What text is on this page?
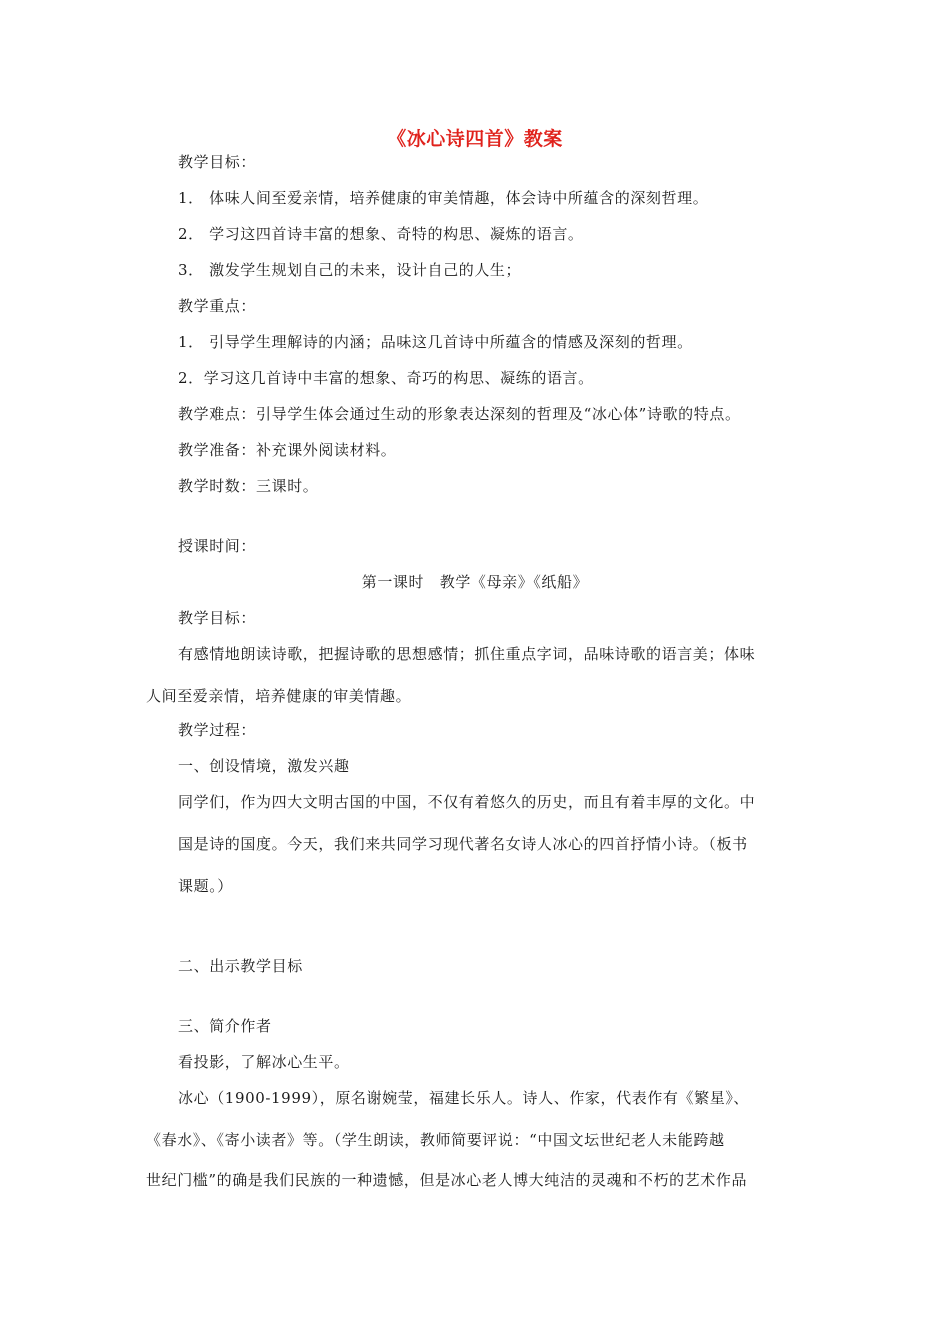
《冰心诗四首》教案
教学目标：
1． 体味人间至爱亲情，培养健康的审美情趣，体会诗中所蕴含的深刻哲理。
2． 学习这四首诗丰富的想象、奇特的构思、凝炼的语言。
3． 激发学生规划自己的未来，设计自己的人生；
教学重点：
1． 引导学生理解诗的内涵；品味这几首诗中所蕴含的情感及深刻的哲理。
2．学习这几首诗中丰富的想象、奇巧的构思、凝练的语言。
教学难点：引导学生体会通过生动的形象表达深刻的哲理及“冰心体”诗歌的特点。
教学准备：补充课外阅读材料。
教学时数：三课时。
授课时间：
第一课时　教学《母亲》《纸船》
教学目标：
有感情地朗读诗歌，把握诗歌的思想感情；抓住重点字词，品味诗歌的语言美；体味
人间至爱亲情，培养健康的审美情趣。
教学过程：
一、创设情境，激发兴趣
同学们，作为四大文明古国的中国，不仅有着悠久的历史，而且有着丰厚的文化。中
国是诗的国度。今天，我们来共同学习现代著名女诗人冰心的四首抒情小诗。（板书
课题。）
二、出示教学目标
三、简介作者
看投影，了解冰心生平。
冰心（1900-1999），原名谢婉莹，福建长乐人。诗人、作家，代表作有《繁星》、
《春水》、《寄小读者》等。（学生朗读，教师简要评说：“中国文坛世纪老人未能跨越
世纪门槛”的确是我们民族的一种遗憾，但是冰心老人博大纯洁的灵魂和不朽的艺术作品
